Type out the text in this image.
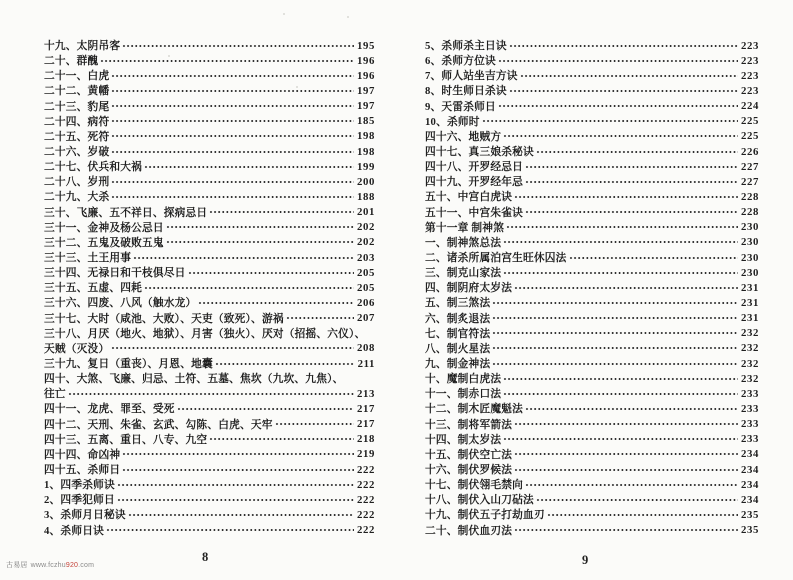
十九、太阴吊客	195
二十、群醜	196
二十一、白虎	196
二十二、黄幡	197
二十三、豹尾	197
二十四、病符	185
二十五、死符	198
二十六、岁破	198
二十七、伏兵和大祸	199
二十八、岁刑	200
二十九、大杀	188
三十、飞廉、五不祥日、探病忌日	201
三十一、金神及杨公忌日	202
三十二、五鬼及破败五鬼	202
三十三、土王用事	203
三十四、无禄日和干枝俱尽日	205
三十五、五虚、四耗	205
三十六、四废、八风（触水龙）	206
三十七、大时（咸池、大败）、天吏（致死）、游祸	207
三十八、月厌（地火、地狱）、月害（独火）、厌对（招摇、六仪）、
天贼（灭没）	208
三十九、复日（重丧）、月恩、地囊	211
四十、大煞、飞廉、归忌、土符、五墓、焦坎（九坎、九焦）、
往亡	213
四十一、龙虎、罪至、受死	217
四十二、天刑、朱雀、玄武、勾陈、白虎、天牢	217
四十三、五离、重日、八专、九空	218
四十四、命凶神	219
四十五、杀师日	222
1、四季杀师诀	222
2、四季犯师日	222
3、杀师月日秘诀	222
4、杀师日诀	222
5、杀师杀主日诀	223
6、杀师方位诀	223
7、师人站坐吉方诀	223
8、时生师日杀诀	223
9、天雷杀师日	224
10、杀师时	225
四十六、地贼方	225
四十七、真三娘杀秘诀	226
四十八、开罗经忌日	227
四十九、开罗经年忌	227
五十、中宫白虎诀	228
五十一、中宫朱雀诀	228
第十一章 制神煞	230
一、制神煞总法	230
二、诸杀所属泊宫生旺休囚法	230
三、制克山家法	230
四、制阴府太岁法	231
五、制三煞法	231
六、制炙退法	231
七、制官符法	232
八、制火星法	232
九、制金神法	232
十、魔制白虎法	232
十一、制赤口法	233
十二、制木匠魔魁法	233
十三、制将军箭法	233
十四、制太岁法	233
十五、制伏空亡法	234
十六、制伏罗候法	234
十七、制伏翎毛禁向	234
十八、制伏入山刀砧法	234
十九、制伏五子打劫血刃	235
二十、制伏血刃法	235
8	9
古易居 www.fczhu920.com
